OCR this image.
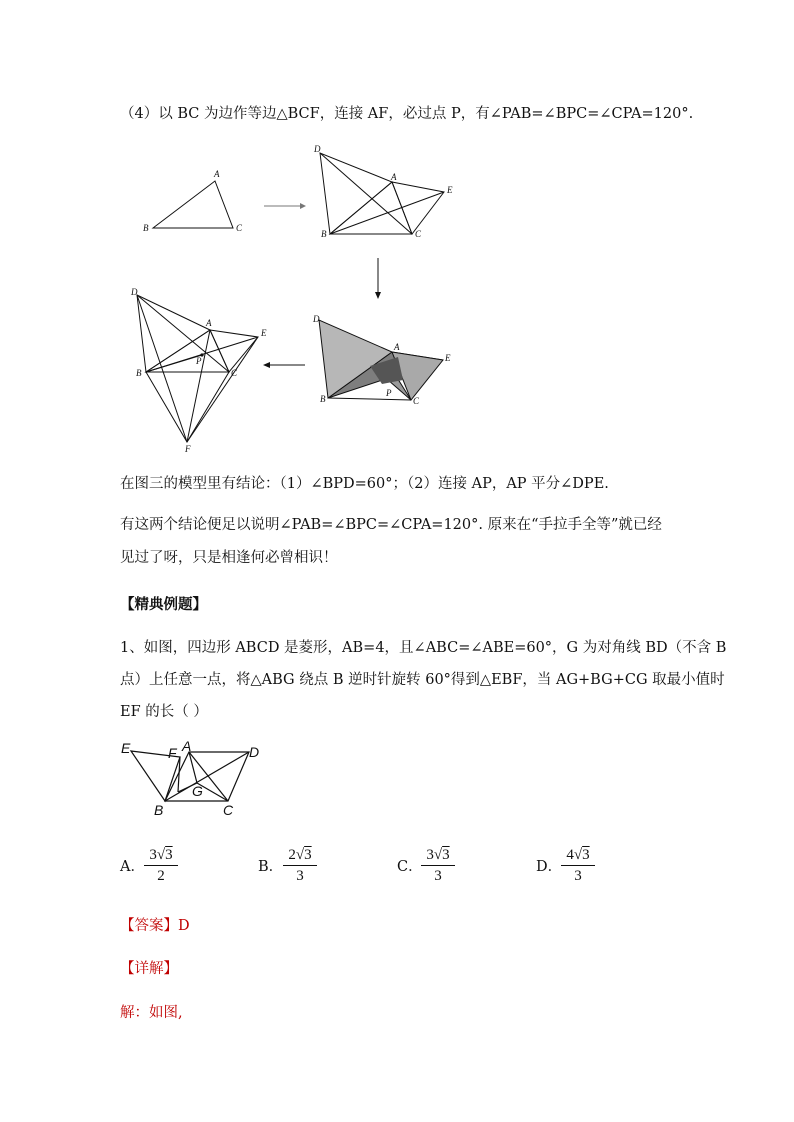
（4）以 BC 为边作等边△BCF，连接 AF，必过点 P，有∠PAB=∠BPC=∠CPA=120°.
A
B	C
D
A
E
B	C
D
A
E
P
B	C
D
A
E
P
B	C
F
E	F A	D
G
B	C
在图三的模型里有结论：（1）∠BPD=60°；（2）连接 AP，AP 平分∠DPE.
有这两个结论便足以说明∠PAB=∠BPC=∠CPA=120°. 原来在“手拉手全等”就已经
见过了呀，只是相逢何必曾相识！
【精典例题】
1、如图，四边形 ABCD 是菱形，AB=4，且∠ABC=∠ABE=60°，G 为对角线 BD（不含 B
点）上任意一点，将△ABG 绕点 B 逆时针旋转 60°得到△EBF，当 AG+BG+CG 取最小值时
EF 的长（ ）
A． $\frac{3√3}{2}$	B． $\frac{2√3}{3}$	C．
$\frac{3√3}{3}$	D．
$\frac{4√3}{3}$
【答案】D
【详解】
解：如图,
